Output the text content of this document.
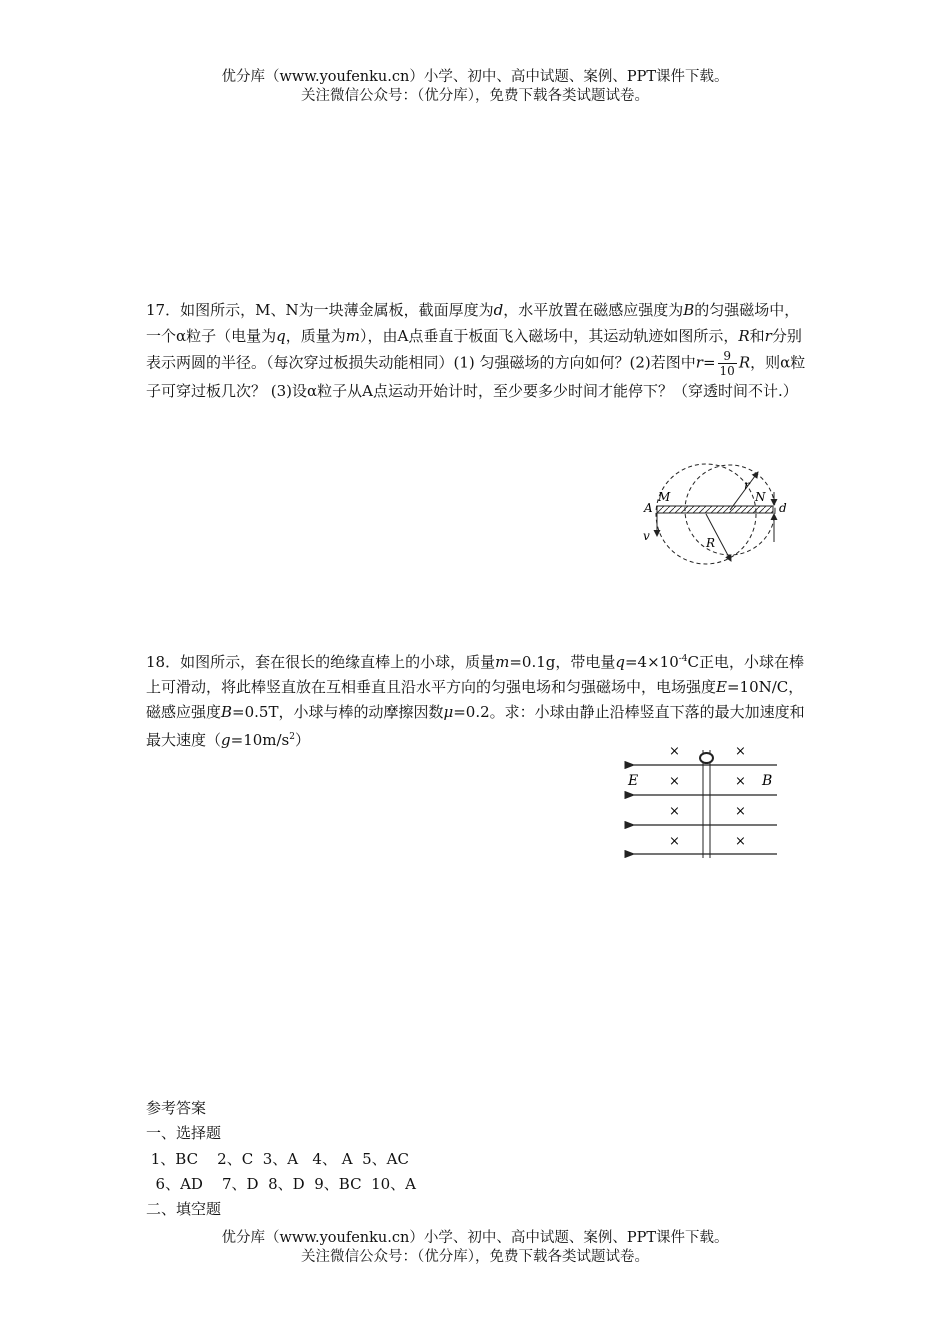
优分库（www.youfenku.cn）小学、初中、高中试题、案例、PPT课件下载。
关注微信公众号：（优分库），免费下载各类试题试卷。
17．如图所示，M、N为一块薄金属板，截面厚度为d，水平放置在磁感应强度为B的匀强磁场中，一个α粒子（电量为q，质量为m），由A点垂直于板面飞入磁场中，其运动轨迹如图所示，R和r分别表示两圆的半径。（每次穿过板损失动能相同）(1) 匀强磁场的方向如何？(2)若图中$r= \frac{9}{10}$ R，则α粒子可穿过板几次？ (3)设α粒子从A点运动开始计时，至少要多少时间才能停下？（穿透时间不计.）
A
M	N
r
d
v	R
18．如图所示，套在很长的绝缘直棒上的小球，质量m=0.1g，带电量$q=4\times 10^{-4}C$正电，小球在棒上可滑动，将此棒竖直放在互相垂直且沿水平方向的匀强电场和匀强磁场中，电场强度E=10N/C，磁感应强度B=0.5T，小球与棒的动摩擦因数μ=0.2。求：小球由静止沿棒竖直下落的最大加速度和最大速度$(g=10m/s^2)$
×	×
×	×
×	×
×	×
E	B
参考答案
一、选择题
1、BC    2、C  3、A   4、 A  5、AC
6、AD    7、D  8、D  9、BC  10、A
二、填空题
优分库（www.youfenku.cn）小学、初中、高中试题、案例、PPT课件下载。
关注微信公众号：（优分库），免费下载各类试题试卷。
